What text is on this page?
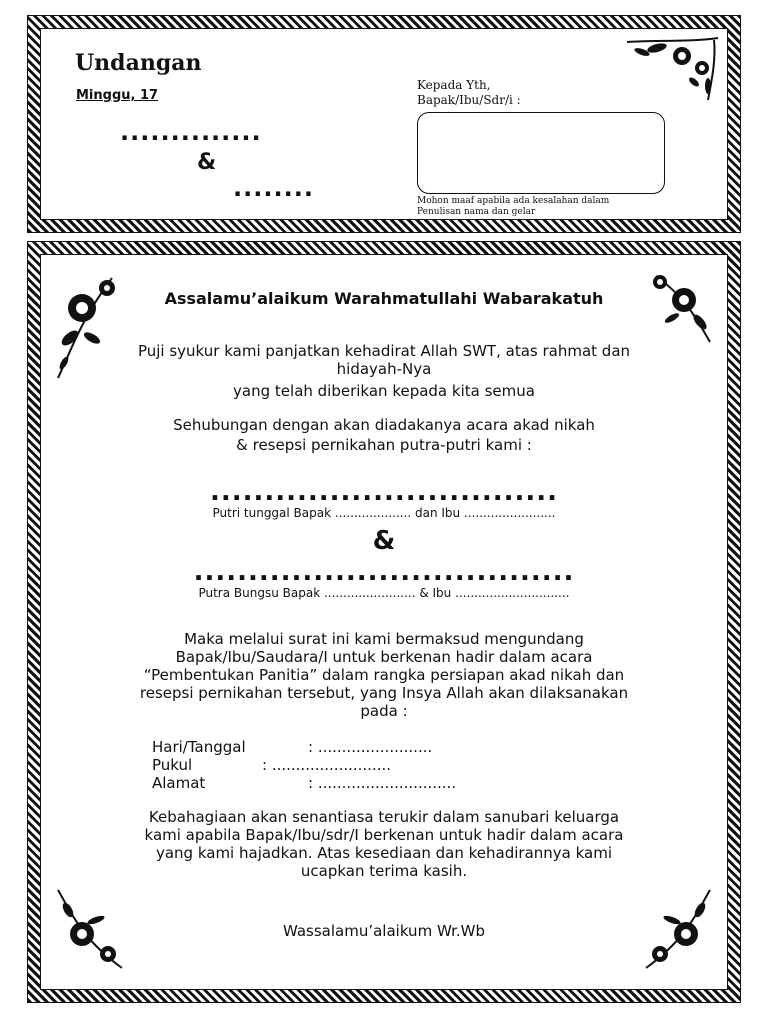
Undangan
Minggu, 17
..............
&
........
Kepada Yth,
Bapak/Ibu/Sdr/i :
Mohon maaf apabila ada kesalahan dalam
Penulisan nama dan gelar
Assalamu’alaikum Warahmatullahi Wabarakatuh
Puji syukur kami panjatkan kehadirat Allah SWT, atas rahmat dan
hidayah-Nya
yang telah diberikan kepada kita semua
Sehubungan dengan akan diadakanya acara akad nikah
& resepsi pernikahan putra-putri kami :
................................
Putri tunggal Bapak .................... dan Ibu ........................
&
...................................
Putra Bungsu Bapak ........................ & Ibu ..............................
Maka melalui surat ini kami bermaksud mengundang
Bapak/Ibu/Saudara/I untuk berkenan hadir dalam acara
“Pembentukan Panitia” dalam rangka persiapan akad nikah dan
resepsi pernikahan tersebut, yang Insya Allah akan dilaksanakan
pada :
Hari/Tanggal	: ........................
Pukul	: .........................
Alamat	: .............................
Kebahagiaan akan senantiasa terukir dalam sanubari keluarga
kami apabila Bapak/Ibu/sdr/I berkenan untuk hadir dalam acara
yang kami hajadkan. Atas kesediaan dan kehadirannya kami
ucapkan terima kasih.
Wassalamu’alaikum Wr.Wb
